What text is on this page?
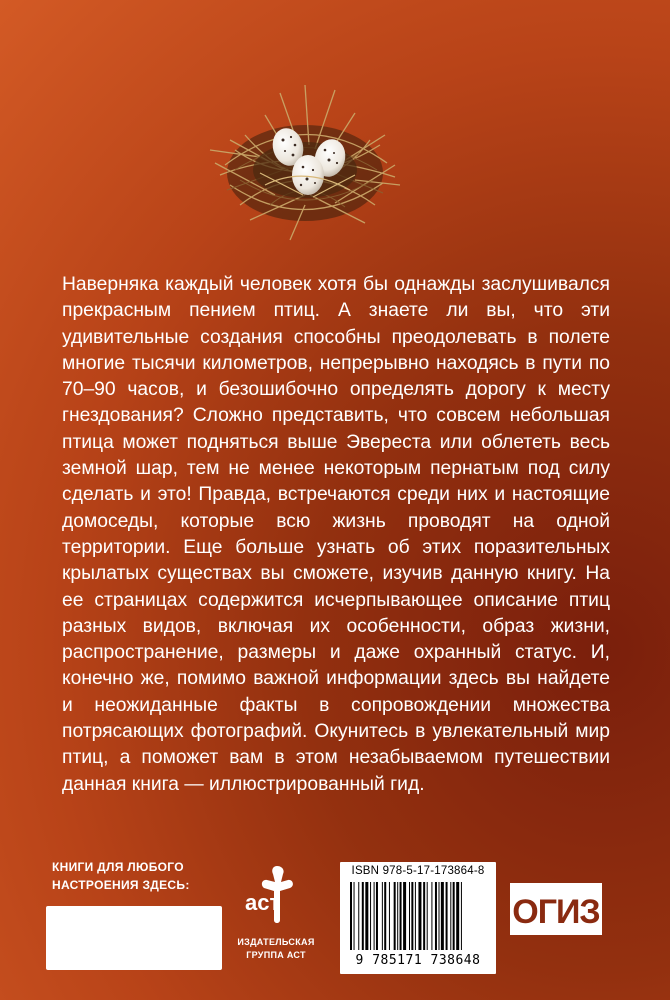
Наверняка каждый человек хотя бы однажды заслушивался прекрасным пением птиц. А знаете ли вы, что эти удивительные создания способны преодолевать в полете многие тысячи километров, непрерывно находясь в пути по 70–90 часов, и безошибочно определять дорогу к месту гнездования? Сложно представить, что совсем небольшая птица может подняться выше Эвереста или облететь весь земной шар, тем не менее некоторым пернатым под силу сделать и это! Правда, встречаются среди них и настоящие домоседы, которые всю жизнь проводят на одной территории. Еще больше узнать об этих поразительных крылатых существах вы сможете, изучив данную книгу. На ее страницах содержится исчерпывающее описание птиц разных видов, включая их особенности, образ жизни, распространение, размеры и даже охранный статус. И, конечно же, помимо важной информации здесь вы найдете и неожиданные факты в сопровождении множества потрясающих фотографий. Окунитесь в увлекательный мир птиц, а поможет вам в этом незабываемом путешествии данная книга — иллюстрированный гид.
КНИГИ ДЛЯ ЛЮБОГО
НАСТРОЕНИЯ ЗДЕСЬ:
аст
ИЗДАТЕЛЬСКАЯ
ГРУППА АСТ
ISBN 978-5-17-173864-8
9 785171 738648
ОГИЗ
